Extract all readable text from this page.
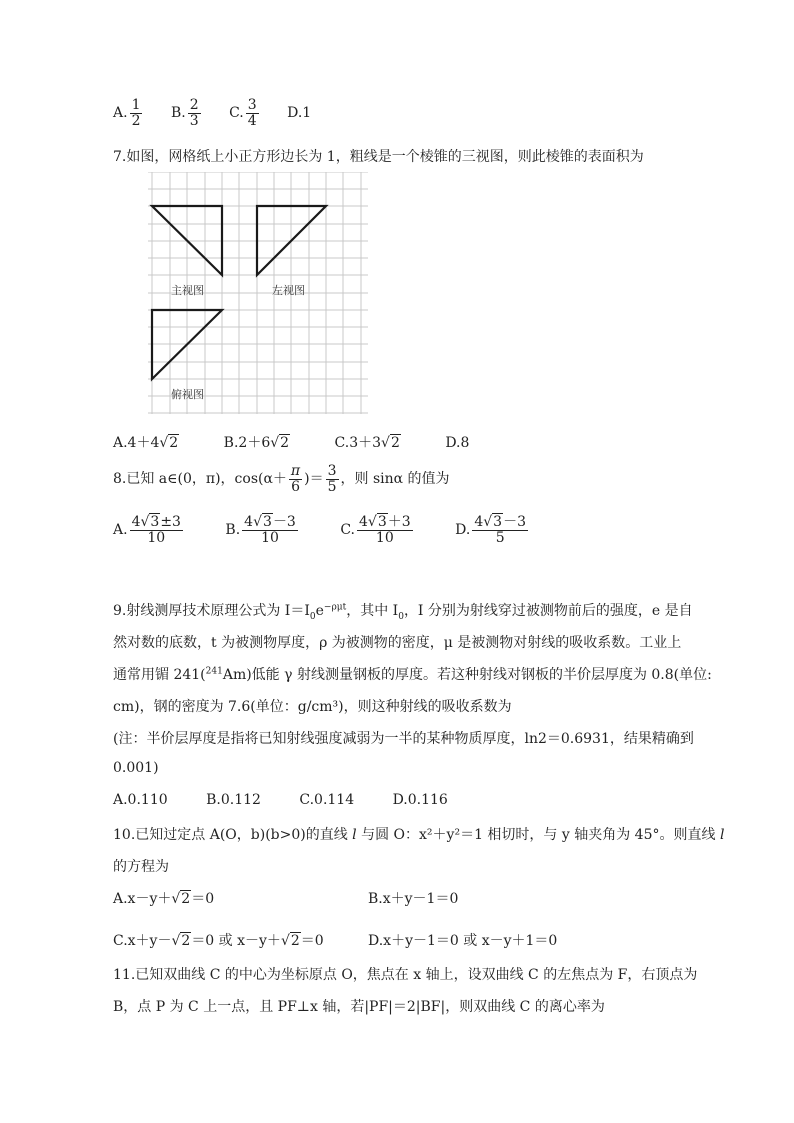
A. $\frac{1}{2} B$. $\frac{2}{3} C$. $\frac{3}{4} D.1$
7.如图，网格纸上小正方形边长为 1，粗线是一个棱锥的三视图，则此棱锥的表面积为
主视图	左视图
俯视图
A.4＋4√2	B.2＋6√2	C.3＋3√2	D.8
8.已知 a∈(0，π)，$\cos(\alpha+ \frac{\pi}{6}$ )＝ $\frac{3}{5}$ ，则 sinα 的值为
A. $\frac{4√3\pm 3}{10}$	B. $\frac{4√3-3}{10}$	C. $\frac{4√3+3}{10}$	D. $\frac{4√3-3}{5}$
9.射线测厚技术原理公式为 $I=I_0e^{-\rho\mu t}$，其中 $I_0$，I 分别为射线穿过被测物前后的强度，e 是自
然对数的底数，t 为被测物厚度，ρ 为被测物的密度，μ 是被测物对射线的吸收系数。工业上
通常用镅 241($^{241}$Am)低能 γ 射线测量钢板的厚度。若这种射线对钢板的半价层厚度为 0.8(单位:
cm)，钢的密度为 7.6(单位：g/cm³)，则这种射线的吸收系数为
(注：半价层厚度是指将已知射线强度减弱为一半的某种物质厚度，ln2＝0.6931，结果精确到
0.001)
A.0.110	B.0.112	C.0.114	D.0.116
10.已知过定点 A(O，b)(b>0)的直线 l 与圆 O：x²＋y²＝1 相切时，与 y 轴夹角为 45°。则直线 l
的方程为
A.x－y＋√2＝0	B.x＋y－1＝0
C.x＋y－√2＝0 或 x－y＋√2＝0	D.x＋y－1＝0 或 x－y＋1＝0
11.已知双曲线 C 的中心为坐标原点 O，焦点在 x 轴上，设双曲线 C 的左焦点为 F，右顶点为
B，点 P 为 C 上一点，且 PF⊥x 轴，若|PF|＝2|BF|，则双曲线 C 的离心率为
